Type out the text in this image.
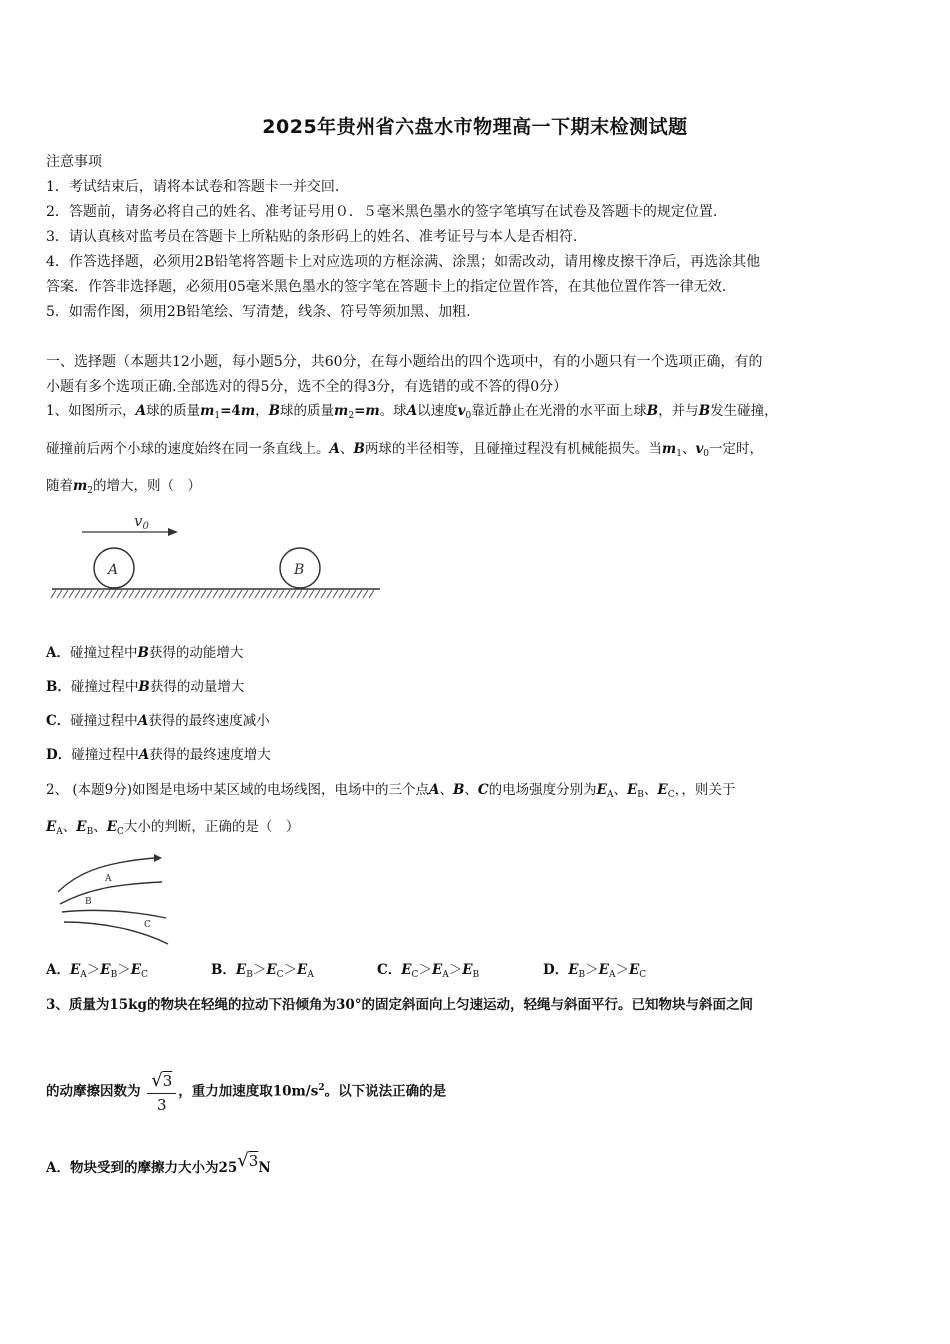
2025年贵州省六盘水市物理高一下期末检测试题
注意事项
1．考试结束后，请将本试卷和答题卡一并交回.
2．答题前，请务必将自己的姓名、准考证号用０．５毫米黑色墨水的签字笔填写在试卷及答题卡的规定位置.
3．请认真核对监考员在答题卡上所粘贴的条形码上的姓名、准考证号与本人是否相符.
4．作答选择题，必须用2B铅笔将答题卡上对应选项的方框涂满、涂黑；如需改动，请用橡皮擦干净后，再选涂其他
答案．作答非选择题，必须用05毫米黑色墨水的签字笔在答题卡上的指定位置作答，在其他位置作答一律无效.
5．如需作图，须用2B铅笔绘、写清楚，线条、符号等须加黑、加粗.
一、选择题（本题共12小题，每小题5分，共60分，在每小题给出的四个选项中，有的小题只有一个选项正确，有的
小题有多个选项正确.全部选对的得5分，选不全的得3分，有选错的或不答的得0分）
1、如图所示，A球的质量$m_1=4m$，B球的质量$m_2=m$。球A以速度$v_0$靠近静止在光滑的水平面上球B，并与B发生碰撞，
碰撞前后两个小球的速度始终在同一条直线上。A、B两球的半径相等，且碰撞过程没有机械能损失。当$m_1$、$v_0$一定时，
随着$m_2$的增大，则（　）
$v_0$
A	B
A．碰撞过程中B获得的动能增大
B．碰撞过程中B获得的动量增大
C．碰撞过程中A获得的最终速度减小
D．碰撞过程中A获得的最终速度增大
2、 (本题9分)如图是电场中某区域的电场线图，电场中的三个点A、B、C的电场强度分别为$E_A$、$E_B$、$E_C$，，则关于
$E_A$、$E_B$、$E_C$大小的判断，正确的是（　）
A
B
C
A．$E_A>E_B>E_C$	B．$E_B>E_C>E_A$	C．$E_C>E_A>E_B$	D．$E_B>E_A>E_C$
3、质量为15kg的物块在轻绳的拉动下沿倾角为30°的固定斜面向上匀速运动，轻绳与斜面平行。已知物块与斜面之间
的动摩擦因数为 $\frac{√3}{3}$ ，重力加速度取$10m/s^2$。以下说法正确的是
A．物块受到的摩擦力大小为25√3N
